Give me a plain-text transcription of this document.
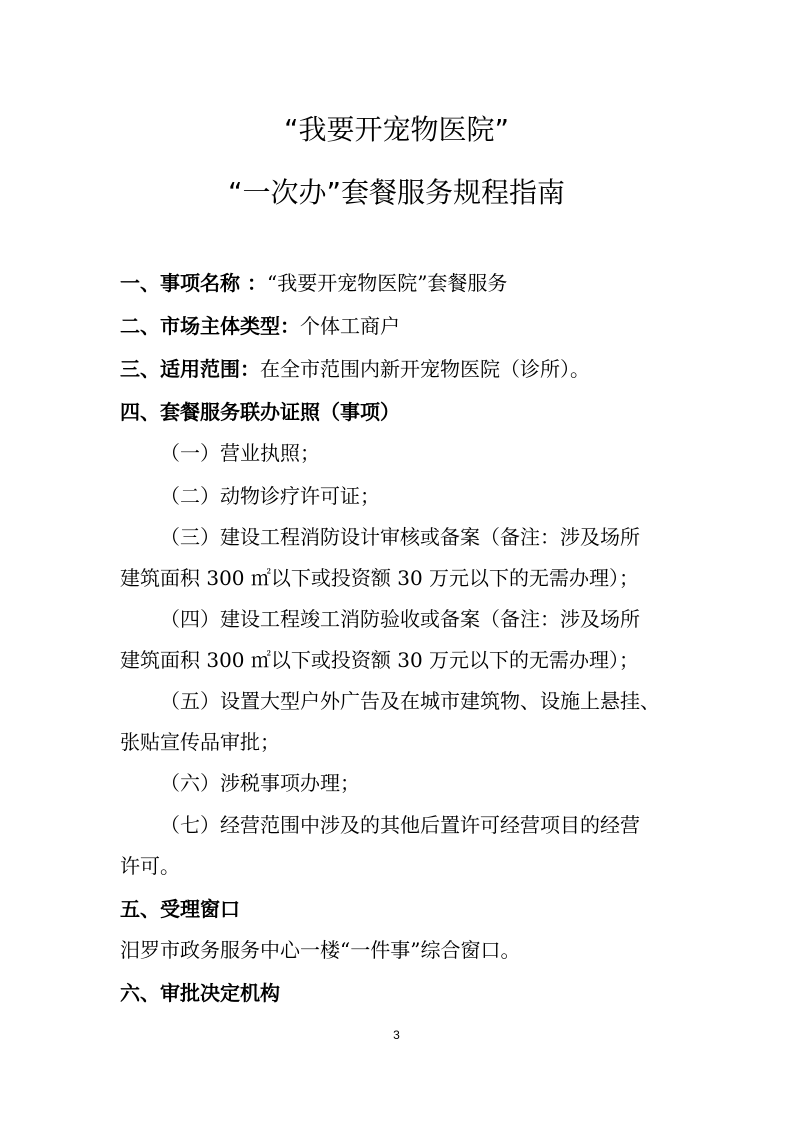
“我要开宠物医院”
“一次办”套餐服务规程指南
一、事项名称 ：“我要开宠物医院”套餐服务
二、市场主体类型：个体工商户
三、适用范围：在全市范围内新开宠物医院（诊所）。
四、套餐服务联办证照（事项）
（一）营业执照；
（二）动物诊疗许可证；
（三）建设工程消防设计审核或备案（备注：涉及场所
建筑面积 300 ㎡以下或投资额 30 万元以下的无需办理）；
（四）建设工程竣工消防验收或备案（备注：涉及场所
建筑面积 300 ㎡以下或投资额 30 万元以下的无需办理）；
（五）设置大型户外广告及在城市建筑物、设施上悬挂、
张贴宣传品审批；
（六）涉税事项办理；
（七）经营范围中涉及的其他后置许可经营项目的经营
许可。
五、受理窗口
汨罗市政务服务中心一楼“一件事”综合窗口。
六、审批决定机构
3
